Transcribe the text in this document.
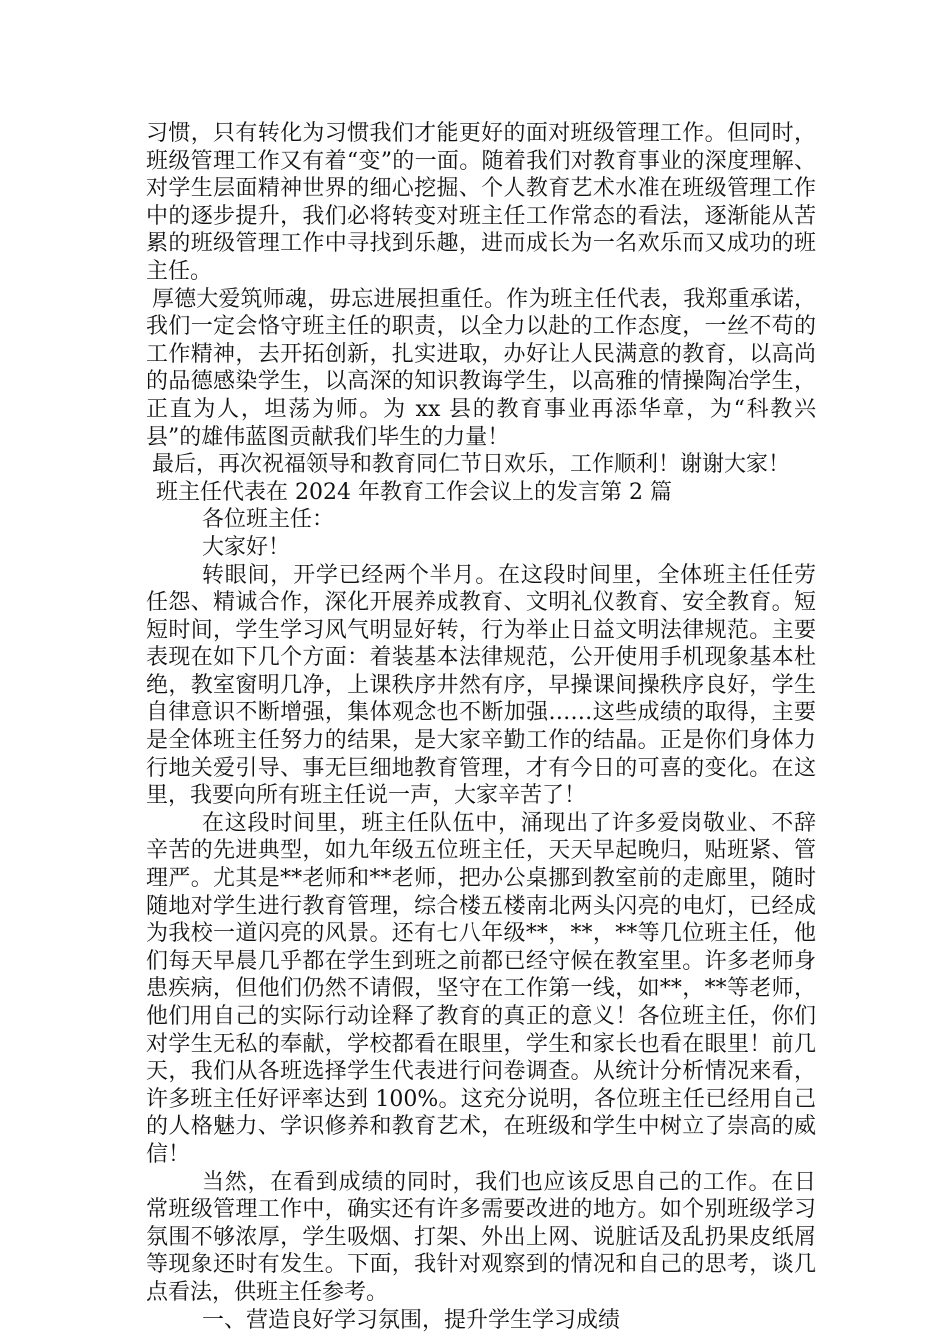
习惯，只有转化为习惯我们才能更好的面对班级管理工作。但同时，班级管理工作又有着“变”的一面。随着我们对教育事业的深度理解、对学生层面精神世界的细心挖掘、个人教育艺术水准在班级管理工作中的逐步提升，我们必将转变对班主任工作常态的看法，逐渐能从苦累的班级管理工作中寻找到乐趣，进而成长为一名欢乐而又成功的班主任。

厚德大爱筑师魂，毋忘进展担重任。作为班主任代表，我郑重承诺，我们一定会恪守班主任的职责，以全力以赴的工作态度，一丝不苟的工作精神，去开拓创新，扎实进取，办好让人民满意的教育，以高尚的品德感染学生，以高深的知识教诲学生，以高雅的情操陶冶学生，正直为人，坦荡为师。为 xx 县的教育事业再添华章，为“科教兴县”的雄伟蓝图贡献我们毕生的力量！

最后，再次祝福领导和教育同仁节日欢乐，工作顺利！谢谢大家！

班主任代表在 2024 年教育工作会议上的发言第 2 篇

各位班主任：

大家好！

转眼间，开学已经两个半月。在这段时间里，全体班主任任劳任怨、精诚合作，深化开展养成教育、文明礼仪教育、安全教育。短短时间，学生学习风气明显好转，行为举止日益文明法律规范。主要表现在如下几个方面：着装基本法律规范，公开使用手机现象基本杜绝，教室窗明几净，上课秩序井然有序，早操课间操秩序良好，学生自律意识不断增强，集体观念也不断加强……这些成绩的取得，主要是全体班主任努力的结果，是大家辛勤工作的结晶。正是你们身体力行地关爱引导、事无巨细地教育管理，才有今日的可喜的变化。在这里，我要向所有班主任说一声，大家辛苦了！

在这段时间里，班主任队伍中，涌现出了许多爱岗敬业、不辞辛苦的先进典型，如九年级五位班主任，天天早起晚归，贴班紧、管理严。尤其是**老师和**老师，把办公桌挪到教室前的走廊里，随时随地对学生进行教育管理，综合楼五楼南北两头闪亮的电灯，已经成为我校一道闪亮的风景。还有七八年级**，**，**等几位班主任，他们每天早晨几乎都在学生到班之前都已经守候在教室里。许多老师身患疾病，但他们仍然不请假，坚守在工作第一线，如**，**等老师，他们用自己的实际行动诠释了教育的真正的意义！各位班主任，你们对学生无私的奉献，学校都看在眼里，学生和家长也看在眼里！前几天，我们从各班选择学生代表进行问卷调查。从统计分析情况来看，许多班主任好评率达到 100%。这充分说明，各位班主任已经用自己的人格魅力、学识修养和教育艺术，在班级和学生中树立了崇高的威信！

当然，在看到成绩的同时，我们也应该反思自己的工作。在日常班级管理工作中，确实还有许多需要改进的地方。如个别班级学习氛围不够浓厚，学生吸烟、打架、外出上网、说脏话及乱扔果皮纸屑等现象还时有发生。下面，我针对观察到的情况和自己的思考，谈几点看法，供班主任参考。

一、营造良好学习氛围，提升学生学习成绩
